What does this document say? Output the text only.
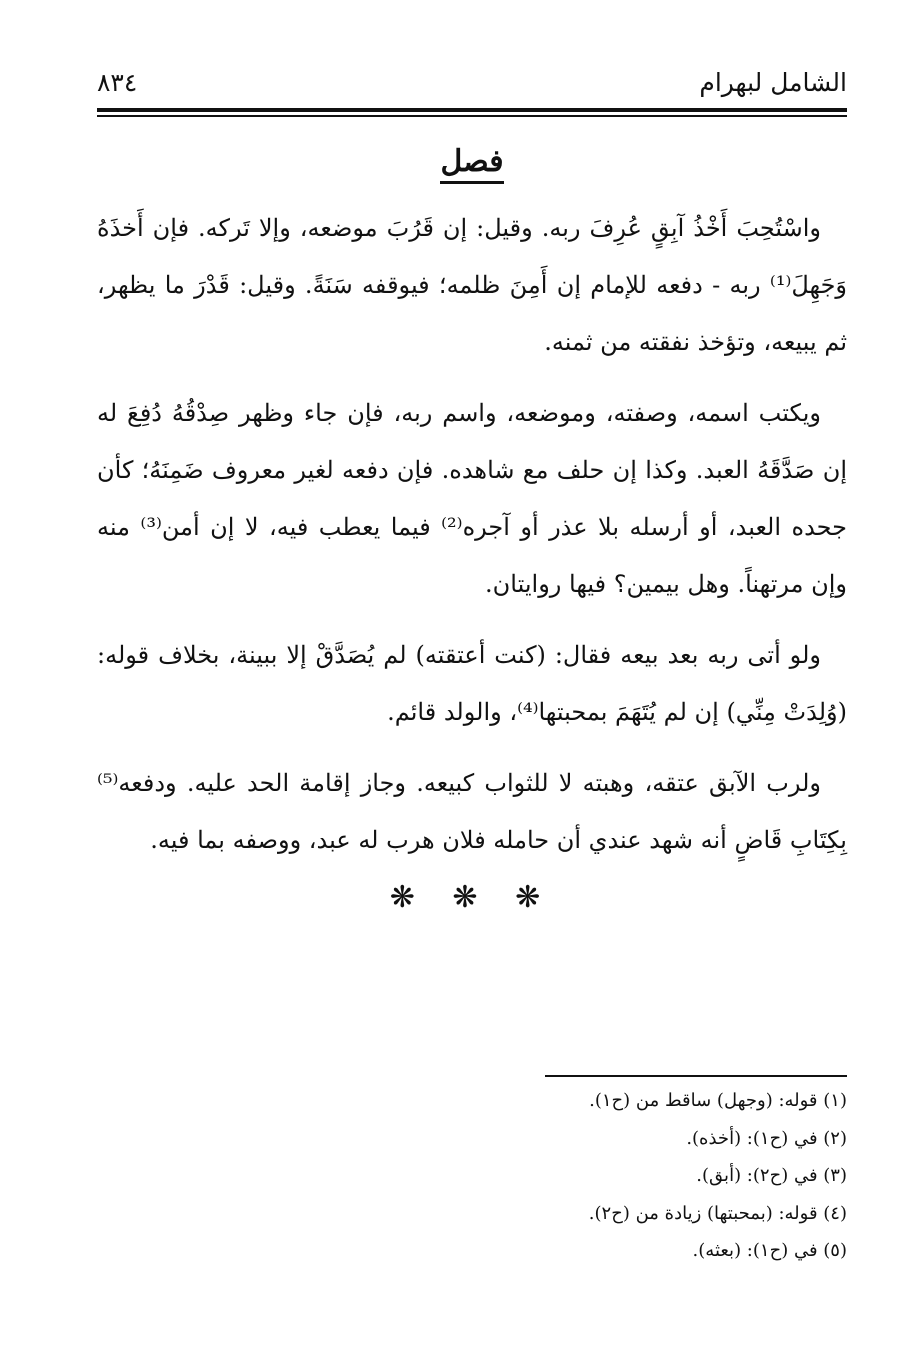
الشامل لبهرام
٨٣٤
فصل

واسْتُحِبَ أَخْذُ آبِقٍ عُرِفَ ربه. وقيل: إن قَرُبَ موضعه، وإلا تَركه. فإن أَخذَهُ وَجَهِلَ⁽¹⁾ ربه - دفعه للإمام إن أَمِنَ ظلمه؛ فيوقفه سَنَةً. وقيل: قَدْرَ ما يظهر، ثم يبيعه، وتؤخذ نفقته من ثمنه.

ويكتب اسمه، وصفته، وموضعه، واسم ربه، فإن جاء وظهر صِدْقُهُ دُفِعَ له إن صَدَّقَهُ العبد. وكذا إن حلف مع شاهده. فإن دفعه لغير معروف ضَمِنَهُ؛ كأن جحده العبد، أو أرسله بلا عذر أو آجره⁽²⁾ فيما يعطب فيه، لا إن أمن⁽³⁾ منه وإن مرتهناً. وهل بيمين؟ فيها روايتان.

ولو أتى ربه بعد بيعه فقال: (كنت أعتقته) لم يُصَدَّقْ إلا ببينة، بخلاف قوله: (وُلِدَتْ مِنِّي) إن لم يُتَهَمَ بمحبتها⁽⁴⁾، والولد قائم.

ولرب الآبق عتقه، وهبته لا للثواب كبيعه. وجاز إقامة الحد عليه. ودفعه⁽⁵⁾ بِكِتَابِ قَاضٍ أنه شهد عندي أن حامله فلان هرب له عبد، ووصفه بما فيه.

❋ ❋ ❋
(١) قوله: (وجهل) ساقط من (ح١).
(٢) في (ح١): (أخذه).
(٣) في (ح٢): (أبق).
(٤) قوله: (بمحبتها) زيادة من (ح٢).
(٥) في (ح١): (بعثه).
